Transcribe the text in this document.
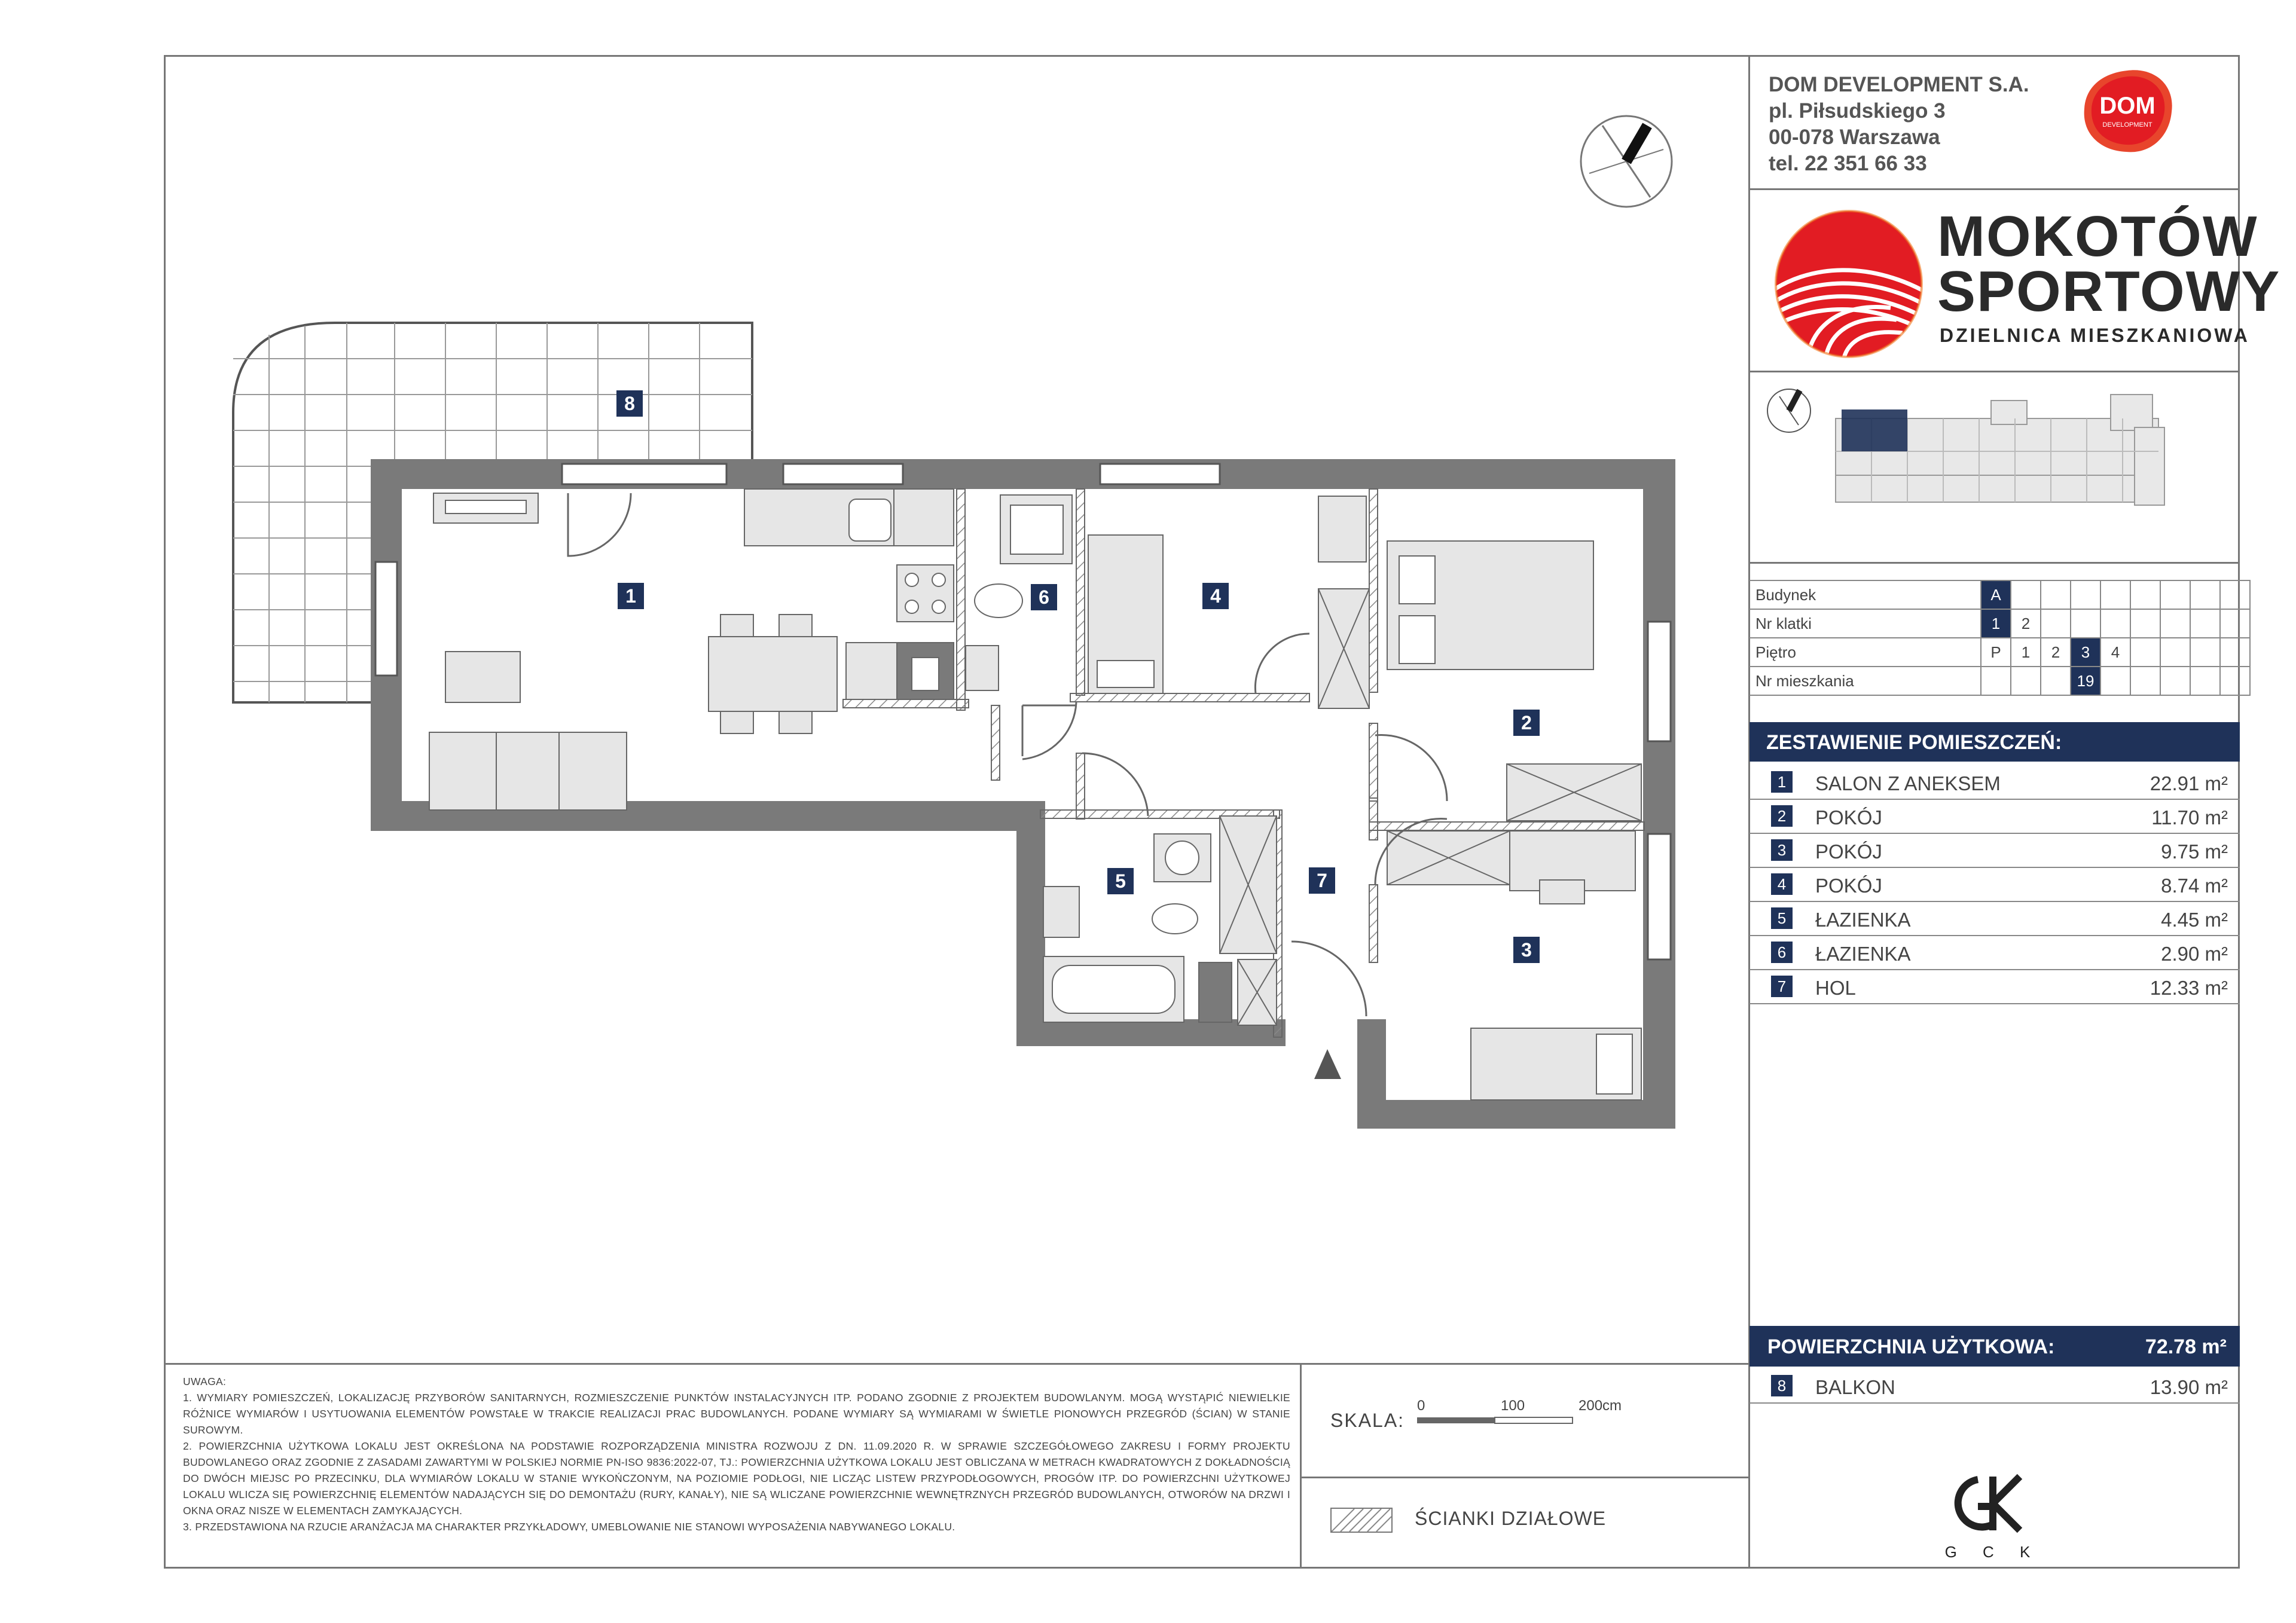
DOM DEVELOPMENT S.A.
pl. Piłsudskiego 3
00-078 Warszawa
tel. 22 351 66 33
DOM
DEVELOPMENT
MOKOTÓW
SPORTOWY
DZIELNICA MIESZKANIOWA
Budynek	A								
Nr klatki	1	2							
Piętro	P	1	2	3	4				
Nr mieszkania				19					
ZESTAWIENIE POMIESZCZEŃ:
1	SALON Z ANEKSEM	22.91 m²
2	POKÓJ	11.70 m²
3	POKÓJ	9.75 m²
4	POKÓJ	8.74 m²
5	ŁAZIENKA	4.45 m²
6	ŁAZIENKA	2.90 m²
7	HOL	12.33 m²
POWIERZCHNIA UŻYTKOWA:	72.78 m²
8	BALKON	13.90 m²
UWAGA:
1. WYMIARY POMIESZCZEŃ, LOKALIZACJĘ PRZYBORÓW SANITARNYCH, ROZMIESZCZENIE PUNKTÓW INSTALACYJNYCH ITP. PODANO ZGODNIE Z PROJEKTEM BUDOWLANYM. MOGĄ WYSTĄPIĆ NIEWIELKIE RÓŻNICE WYMIARÓW I USYTUOWANIA ELEMENTÓW POWSTAŁE W TRAKCIE REALIZACJI PRAC BUDOWLANYCH. PODANE WYMIARY SĄ WYMIARAMI W ŚWIETLE PIONOWYCH PRZEGRÓD (ŚCIAN) W STANIE SUROWYM.
2. POWIERZCHNIA UŻYTKOWA LOKALU JEST OKREŚLONA NA PODSTAWIE ROZPORZĄDZENIA MINISTRA ROZWOJU Z DN. 11.09.2020 R. W SPRAWIE SZCZEGÓŁOWEGO ZAKRESU I FORMY PROJEKTU BUDOWLANEGO ORAZ ZGODNIE Z ZASADAMI ZAWARTYMI W POLSKIEJ NORMIE PN-ISO 9836:2022-07, TJ.: POWIERZCHNIA UŻYTKOWA LOKALU JEST OBLICZANA W METRACH KWADRATOWYCH Z DOKŁADNOŚCIĄ DO DWÓCH MIEJSC PO PRZECINKU, DLA WYMIARÓW LOKALU W STANIE WYKOŃCZONYM, NA POZIOMIE PODŁOGI, NIE LICZĄC LISTEW PRZYPODŁOGOWYCH, PROGÓW ITP. DO POWIERZCHNI UŻYTKOWEJ LOKALU WLICZA SIĘ POWIERZCHNIĘ ELEMENTÓW NADAJĄCYCH SIĘ DO DEMONTAŻU (RURY, KANAŁY), NIE SĄ WLICZANE POWIERZCHNIE WEWNĘTRZNYCH PRZEGRÓD BUDOWLANYCH, OTWORÓW NA DRZWI I OKNA ORAZ NISZE W ELEMENTACH ZAMYKAJĄCYCH.
3. PRZEDSTAWIONA NA RZUCIE ARANŻACJA MA CHARAKTER PRZYKŁADOWY, UMEBLOWANIE NIE STANOWI WYPOSAŻENIA NABYWANEGO LOKALU.
SKALA:
0	100	200cm
ŚCIANKI DZIAŁOWE
G C K
1
2
3
4
5
6
7
8
